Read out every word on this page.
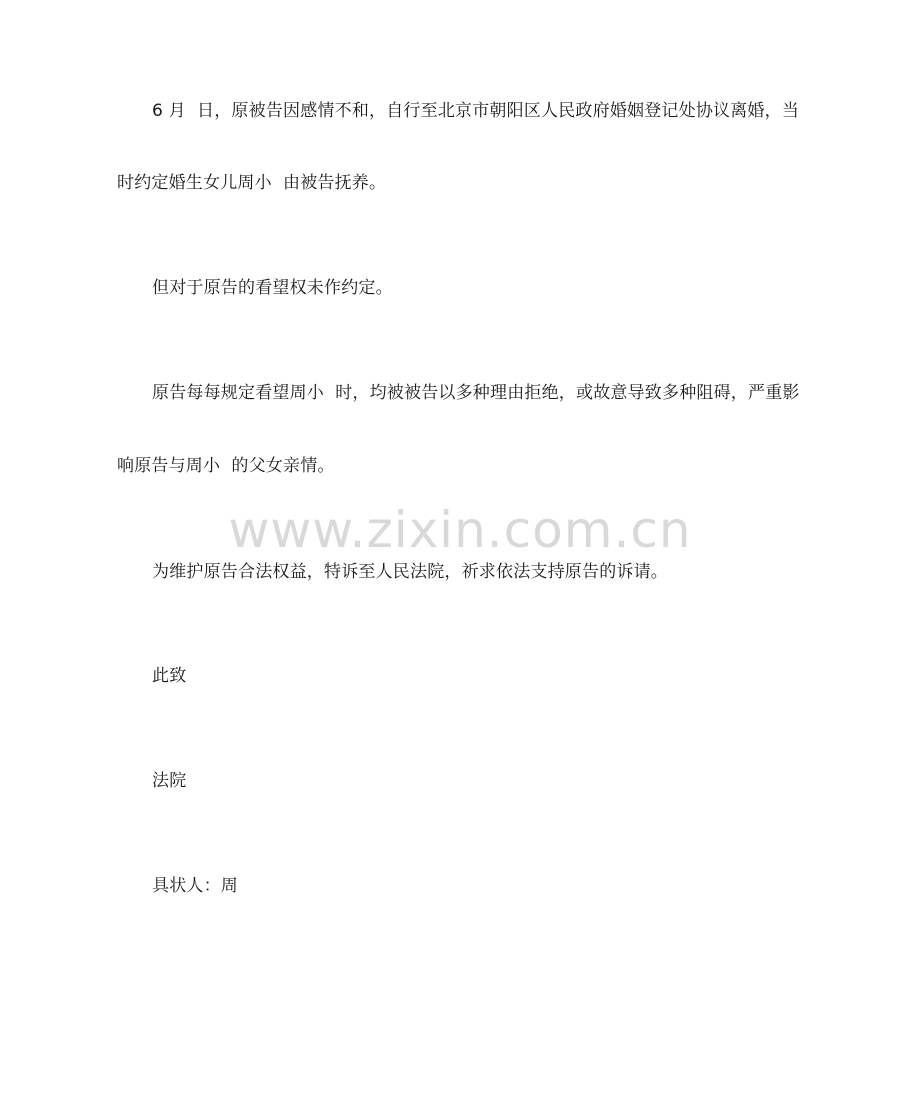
6 月  日，原被告因感情不和，自行至北京市朝阳区人民政府婚姻登记处协议离婚，当
时约定婚生女儿周小  由被告抚养。
但对于原告的看望权未作约定。
原告每每规定看望周小  时，均被被告以多种理由拒绝，或故意导致多种阻碍，严重影
响原告与周小  的父女亲情。
为维护原告合法权益，特诉至人民法院，祈求依法支持原告的诉请。
此致
法院
具状人：周
www.zixin.com.cn
